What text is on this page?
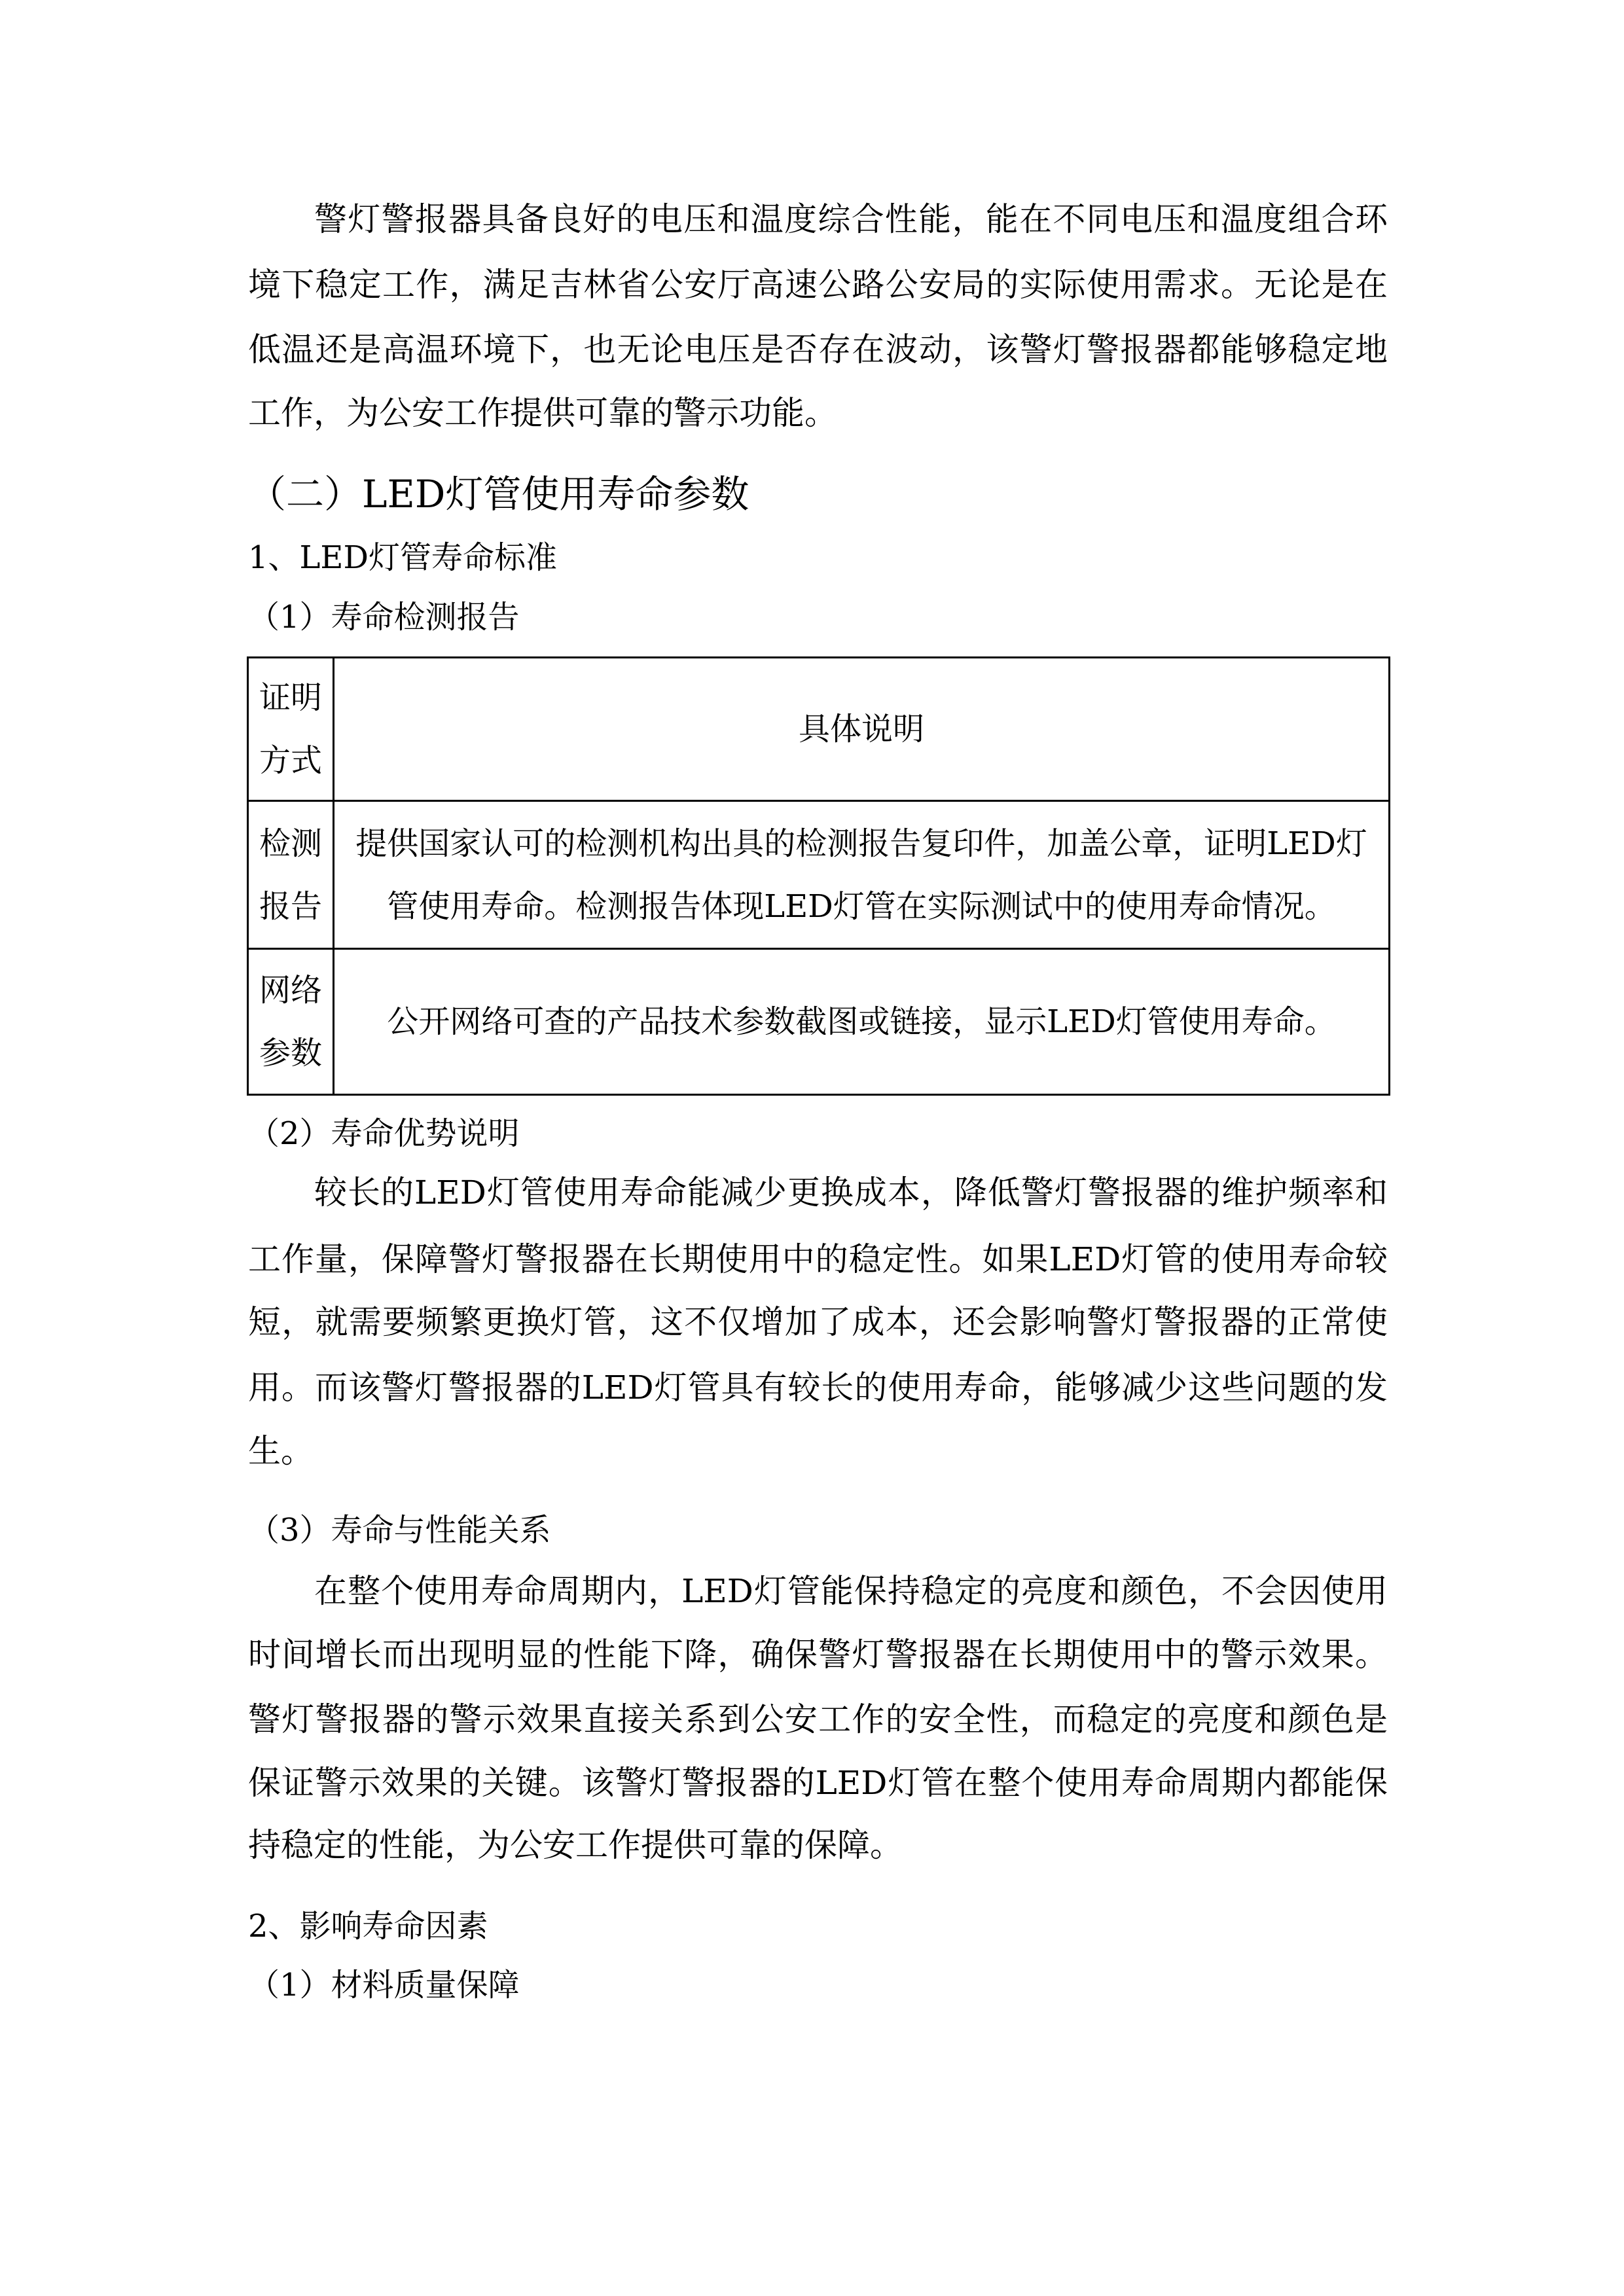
警灯警报器具备良好的电压和温度综合性能，能在不同电压和温度组合环
境下稳定工作，满足吉林省公安厅高速公路公安局的实际使用需求。无论是在
低温还是高温环境下，也无论电压是否存在波动，该警灯警报器都能够稳定地
工作，为公安工作提供可靠的警示功能。
（二）LED灯管使用寿命参数
1、LED灯管寿命标准
（1）寿命检测报告
证明
方式	具体说明
检测
报告	提供国家认可的检测机构出具的检测报告复印件，加盖公章，证明LED灯
管使用寿命。检测报告体现LED灯管在实际测试中的使用寿命情况。
网络
参数	公开网络可查的产品技术参数截图或链接，显示LED灯管使用寿命。
（2）寿命优势说明
较长的LED灯管使用寿命能减少更换成本，降低警灯警报器的维护频率和
工作量，保障警灯警报器在长期使用中的稳定性。如果LED灯管的使用寿命较
短，就需要频繁更换灯管，这不仅增加了成本，还会影响警灯警报器的正常使
用。而该警灯警报器的LED灯管具有较长的使用寿命，能够减少这些问题的发
生。
（3）寿命与性能关系
在整个使用寿命周期内，LED灯管能保持稳定的亮度和颜色，不会因使用
时间增长而出现明显的性能下降，确保警灯警报器在长期使用中的警示效果。
警灯警报器的警示效果直接关系到公安工作的安全性，而稳定的亮度和颜色是
保证警示效果的关键。该警灯警报器的LED灯管在整个使用寿命周期内都能保
持稳定的性能，为公安工作提供可靠的保障。
2、影响寿命因素
（1）材料质量保障
